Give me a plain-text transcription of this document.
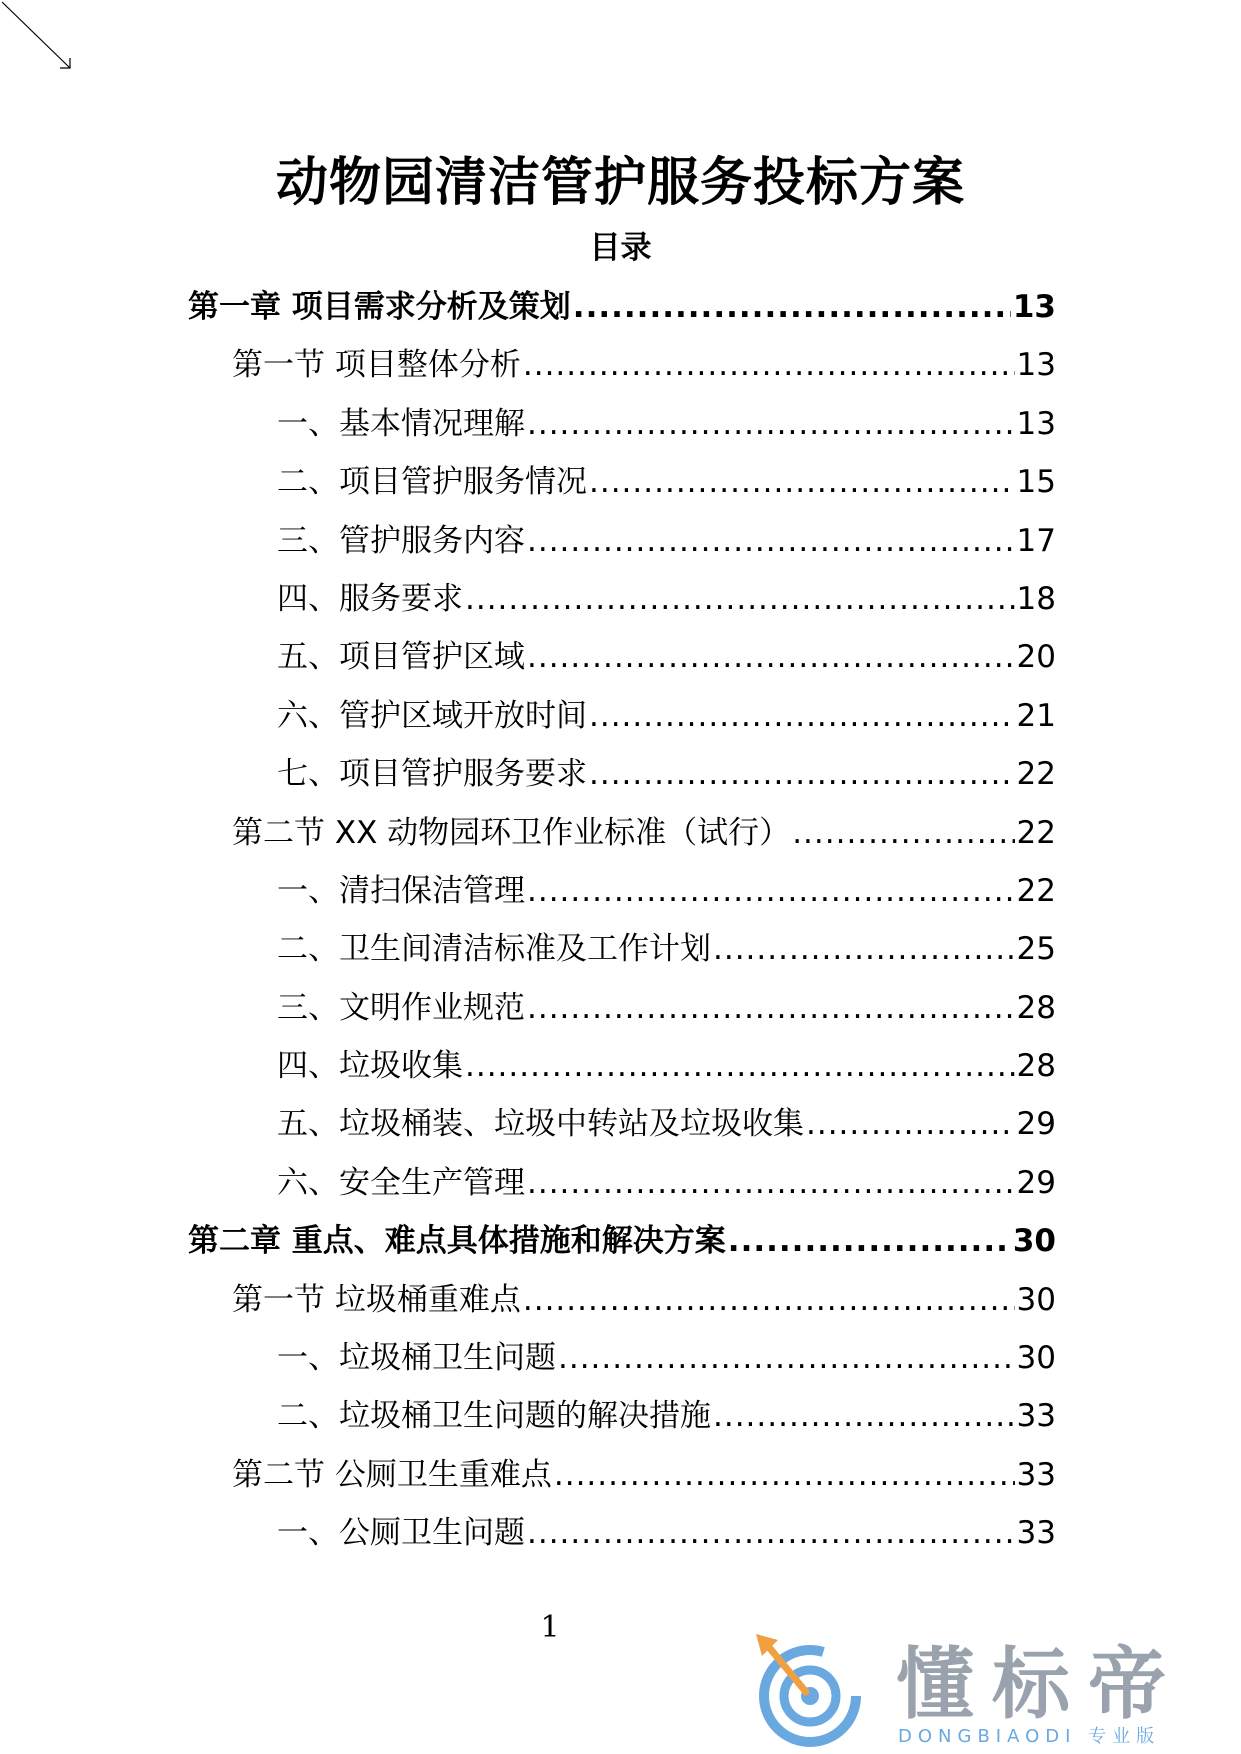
动物园清洁管护服务投标方案
目录
第一章 项目需求分析及策划 .....	13
第一节 项目整体分析 .....	13
一、基本情况理解 .....	13
二、项目管护服务情况 .....	15
三、管护服务内容 .....	17
四、服务要求 .....	18
五、项目管护区域 .....	20
六、管护区域开放时间 .....	21
七、项目管护服务要求 .....	22
第二节 XX 动物园环卫作业标准（试行） .....	22
一、清扫保洁管理 .....	22
二、卫生间清洁标准及工作计划 .....	25
三、文明作业规范 .....	28
四、垃圾收集 .....	28
五、垃圾桶装、垃圾中转站及垃圾收集 .....	29
六、安全生产管理 .....	29
第二章 重点、难点具体措施和解决方案 .....	30
第一节 垃圾桶重难点 .....	30
一、垃圾桶卫生问题 .....	30
二、垃圾桶卫生问题的解决措施 .....	33
第二节 公厕卫生重难点 .....	33
一、公厕卫生问题 .....	33
1
懂标帝
DONGBIAODI 专业版
